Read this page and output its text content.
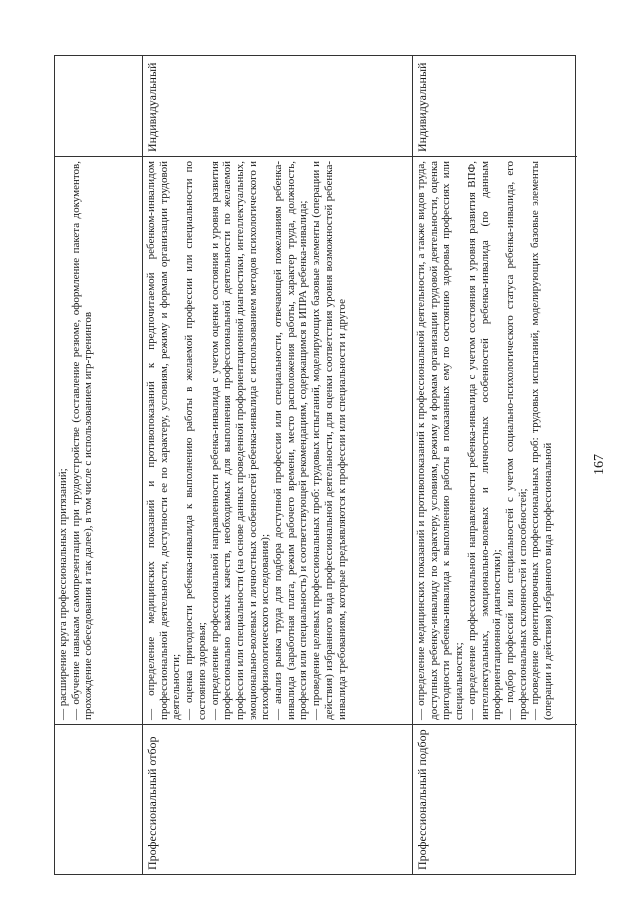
167

— расширение круга профессиональных притязаний; — обучение навыкам самопрезентации при трудоустройстве (составление резюме, оформление пакета документов, прохождение собеседования и так далее), в том числе с использованием игр-тренингов

Профессиональный отбор

— определение медицинских показаний и противопоказаний к предпочитаемой ребенком-инвалидом профессиональной деятельности, доступности ее по характеру, условиям, режиму и формам организации трудовой деятельности; — оценка пригодности ребенка-инвалида к выполнению работы в желаемой профессии или специальности по состоянию здоровья; — определение профессиональной направленности ребенка-инвалида с учетом оценки состояния и уровня развития профессионально важных качеств, необходимых для выполнения профессиональной деятельности по желаемой профессии или специальности (на основе данных проведенной профориентационной диагностики, интеллектуальных, эмоционально-волевых и личностных особенностей ребенка-инвалида с использованием методов психологического и психофизиологического исследования); — анализ рынка труда для подбора доступной профессии или специальности, отвечающей пожеланиям ребенка-инвалида (заработная плата, режим рабочего времени, место расположения работы, характер труда, должность, профессия или специальность) и соответствующей рекомендациям, содержащимся в ИПРА ребенка-инвалида; — проведение целевых профессиональных проб: трудовых испытаний, моделирующих базовые элементы (операции и действия) избранного вида профессиональной деятельности, для оценки соответствия уровня возможностей ребенка-инвалида требованиям, которые предъявляются к профессии или специальности и другое

Индивидуальный
Профессиональный подбор

— определение медицинских показаний и противопоказаний к профессиональной деятельности, а также видов труда, доступных ребенку-инвалиду по характеру, условиям, режиму и формам организации трудовой деятельности, оценка пригодности ребенка-инвалида к выполнению работы в показанных ему по состоянию здоровья профессиях или специальностях; — определение профессиональной направленности ребенка-инвалида с учетом состояния и уровня развития ВПФ, интеллектуальных, эмоционально-волевых и личностных особенностей ребенка-инвалида (по данным профориентационной диагностики); — подбор профессий или специальностей с учетом социально-психологического статуса ребенка-инвалида, его профессиональных склонностей и способностей; — проведение ориентировочных профессиональных проб: трудовых испытаний, моделирующих базовые элементы (операции и действия) избранного вида профессиональной

Индивидуальный
